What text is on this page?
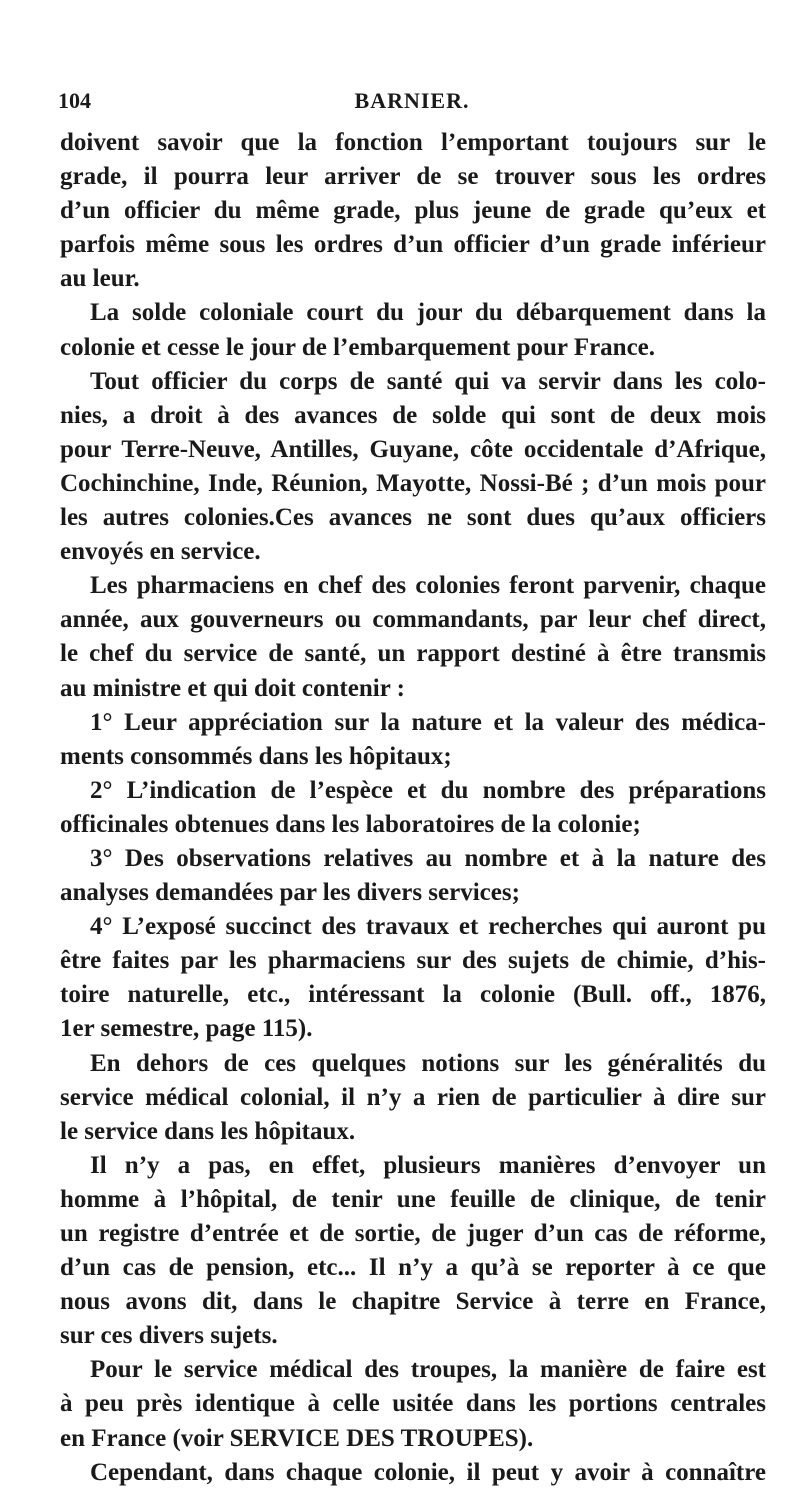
104	BARNIER.
doivent savoir que la fonction l’emportant toujours sur le
grade, il pourra leur arriver de se trouver sous les ordres
d’un officier du même grade, plus jeune de grade qu’eux et
parfois même sous les ordres d’un officier d’un grade inférieur
au leur.
La solde coloniale court du jour du débarquement dans la
colonie et cesse le jour de l’embarquement pour France.
Tout officier du corps de santé qui va servir dans les colo-
nies, a droit à des avances de solde qui sont de deux mois
pour Terre-Neuve, Antilles, Guyane, côte occidentale d’Afrique,
Cochinchine, Inde, Réunion, Mayotte, Nossi-Bé ; d’un mois pour
les autres colonies.Ces avances ne sont dues qu’aux officiers
envoyés en service.
Les pharmaciens en chef des colonies feront parvenir, chaque
année, aux gouverneurs ou commandants, par leur chef direct,
le chef du service de santé, un rapport destiné à être transmis
au ministre et qui doit contenir :
1° Leur appréciation sur la nature et la valeur des médica-
ments consommés dans les hôpitaux;
2° L’indication de l’espèce et du nombre des préparations
officinales obtenues dans les laboratoires de la colonie;
3° Des observations relatives au nombre et à la nature des
analyses demandées par les divers services;
4° L’exposé succinct des travaux et recherches qui auront pu
être faites par les pharmaciens sur des sujets de chimie, d’his-
toire naturelle, etc., intéressant la colonie (Bull. off., 1876,
1er semestre, page 115).
En dehors de ces quelques notions sur les généralités du
service médical colonial, il n’y a rien de particulier à dire sur
le service dans les hôpitaux.
Il n’y a pas, en effet, plusieurs manières d’envoyer un
homme à l’hôpital, de tenir une feuille de clinique, de tenir
un registre d’entrée et de sortie, de juger d’un cas de réforme,
d’un cas de pension, etc... Il n’y a qu’à se reporter à ce que
nous avons dit, dans le chapitre Service à terre en France,
sur ces divers sujets.
Pour le service médical des troupes, la manière de faire est
à peu près identique à celle usitée dans les portions centrales
en France (voir SERVICE DES TROUPES).
Cependant, dans chaque colonie, il peut y avoir à connaître
